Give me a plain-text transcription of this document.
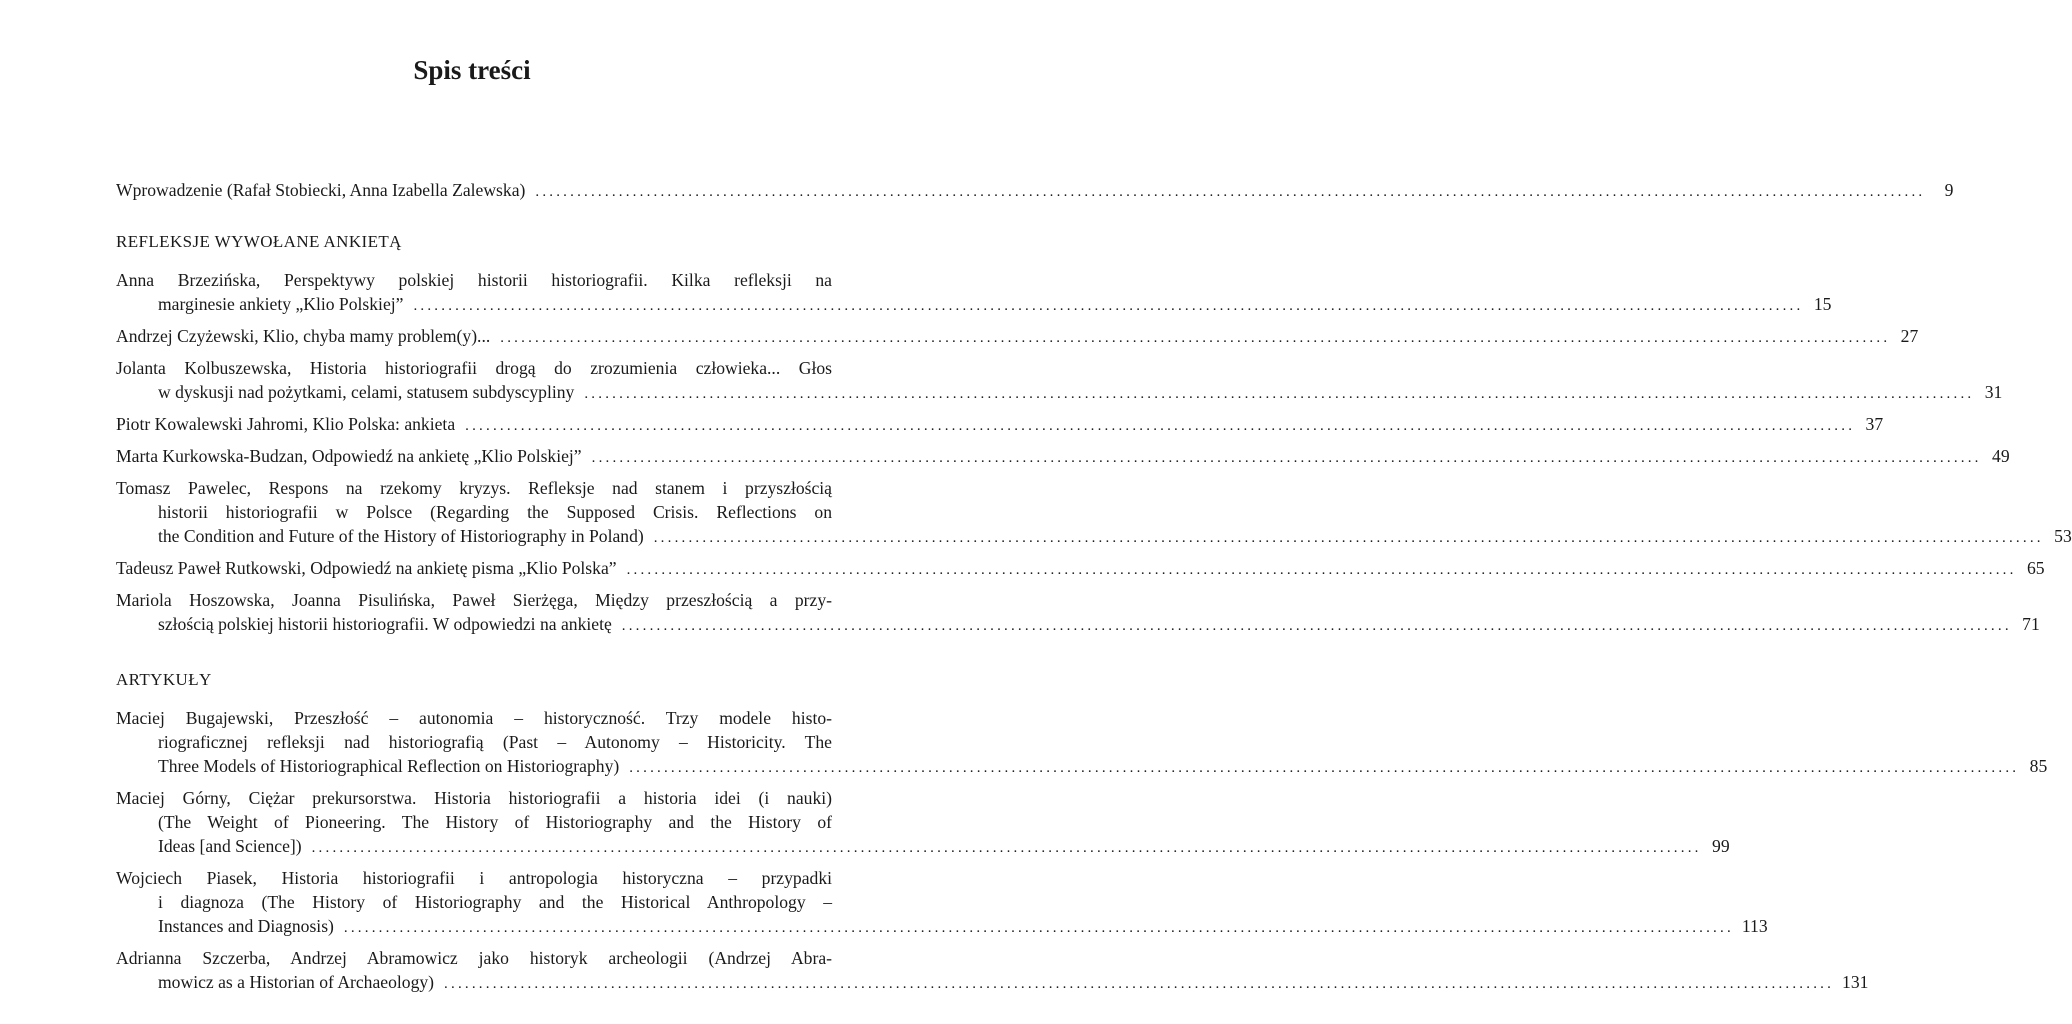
Spis treści
Wprowadzenie (Rafał Stobiecki, Anna Izabella Zalewska) ........................................................................................................................................................................................................	9
REFLEKSJE WYWOŁANE ANKIETĄ
Anna Brzezińska, Perspektywy polskiej historii historiografii. Kilka refleksji na
marginesie ankiety „Klio Polskiej” ........................................................................................................................................................................................................ 15
Andrzej Czyżewski, Klio, chyba mamy problem(y)... ........................................................................................................................................................................................................ 27
Jolanta Kolbuszewska, Historia historiografii drogą do zrozumienia człowieka... Głos
w dyskusji nad pożytkami, celami, statusem subdyscypliny ........................................................................................................................................................................................................ 31
Piotr Kowalewski Jahromi, Klio Polska: ankieta ........................................................................................................................................................................................................ 37
Marta Kurkowska-Budzan, Odpowiedź na ankietę „Klio Polskiej” ........................................................................................................................................................................................................ 49
Tomasz Pawelec, Respons na rzekomy kryzys. Refleksje nad stanem i przyszłością
historii historiografii w Polsce (Regarding the Supposed Crisis. Reflections on
the Condition and Future of the History of Historiography in Poland) ........................................................................................................................................................................................................ 53
Tadeusz Paweł Rutkowski, Odpowiedź na ankietę pisma „Klio Polska” ........................................................................................................................................................................................................ 65
Mariola Hoszowska, Joanna Pisulińska, Paweł Sierżęga, Między przeszłością a przy-
szłością polskiej historii historiografii. W odpowiedzi na ankietę ........................................................................................................................................................................................................ 71
ARTYKUŁY
Maciej Bugajewski, Przeszłość – autonomia – historyczność. Trzy modele histo-
riograficznej refleksji nad historiografią (Past – Autonomy – Historicity. The
Three Models of Historiographical Reflection on Historiography) ........................................................................................................................................................................................................ 85
Maciej Górny, Ciężar prekursorstwa. Historia historiografii a historia idei (i nauki)
(The Weight of Pioneering. The History of Historiography and the History of
Ideas [and Science]) ........................................................................................................................................................................................................ 99
Wojciech Piasek, Historia historiografii i antropologia historyczna – przypadki
i diagnoza (The History of Historiography and the Historical Anthropology –
Instances and Diagnosis) ........................................................................................................................................................................................................ 113
Adrianna Szczerba, Andrzej Abramowicz jako historyk archeologii (Andrzej Abra-
mowicz as a Historian of Archaeology) ........................................................................................................................................................................................................ 131
